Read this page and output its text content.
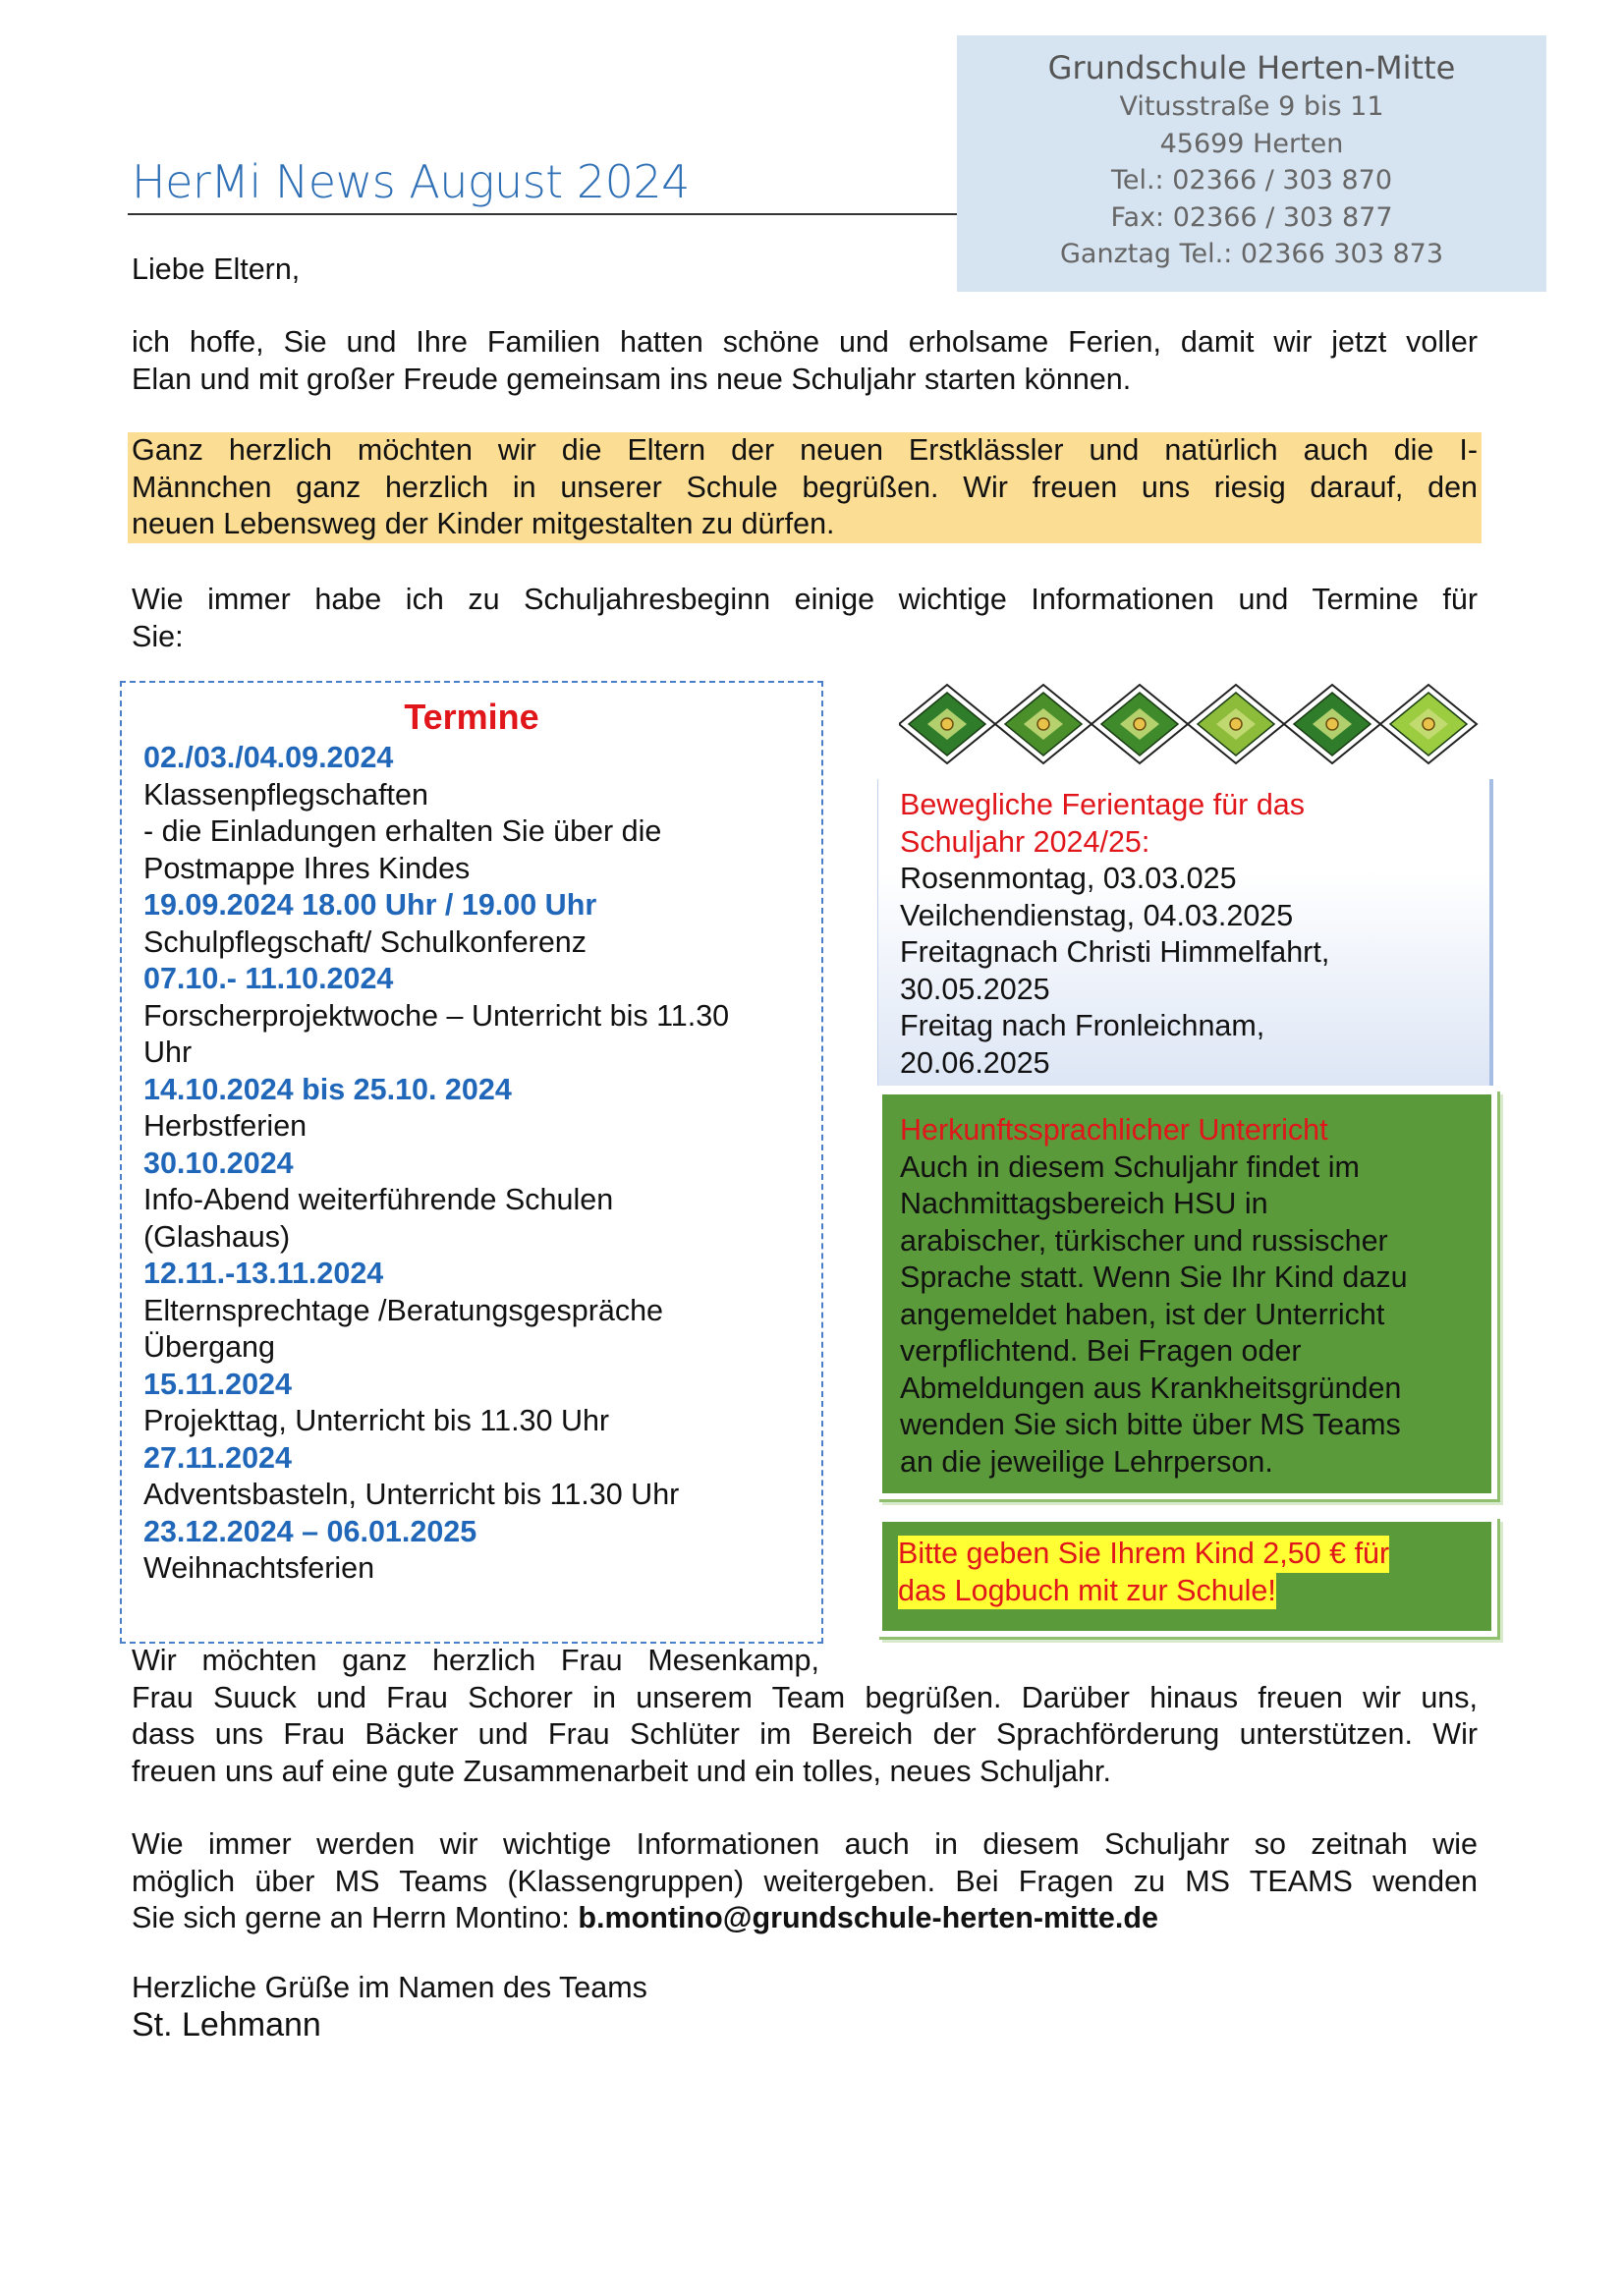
Grundschule Herten-Mitte
Vitusstraße 9 bis 11
45699 Herten
Tel.: 02366 / 303 870
Fax: 02366 / 303 877
Ganztag Tel.: 02366 303 873
HerMi News August 2024
Liebe Eltern,
ich hoffe, Sie und Ihre Familien hatten schöne und erholsame Ferien, damit wir jetzt voller
Elan und mit großer Freude gemeinsam ins neue Schuljahr starten können.
Ganz herzlich möchten wir die Eltern der neuen Erstklässler und natürlich auch die I-
Männchen ganz herzlich in unserer Schule begrüßen. Wir freuen uns riesig darauf, den
neuen Lebensweg der Kinder mitgestalten zu dürfen.
Wie immer habe ich zu Schuljahresbeginn einige wichtige Informationen und Termine für
Sie:
Termine
02./03./04.09.2024
Klassenpflegschaften
- die Einladungen erhalten Sie über die
Postmappe Ihres Kindes
19.09.2024 18.00 Uhr / 19.00 Uhr
Schulpflegschaft/ Schulkonferenz
07.10.- 11.10.2024
Forscherprojektwoche – Unterricht bis 11.30
Uhr
14.10.2024 bis 25.10. 2024
Herbstferien
30.10.2024
Info-Abend weiterführende Schulen
(Glashaus)
12.11.-13.11.2024
Elternsprechtage /Beratungsgespräche
Übergang
15.11.2024
Projekttag, Unterricht bis 11.30 Uhr
27.11.2024
Adventsbasteln, Unterricht bis 11.30 Uhr
23.12.2024 – 06.01.2025
Weihnachtsferien
Bewegliche Ferientage für das
Schuljahr 2024/25:
Rosenmontag, 03.03.025
Veilchendienstag, 04.03.2025
Freitagnach Christi Himmelfahrt,
30.05.2025
Freitag nach Fronleichnam,
20.06.2025
Herkunftssprachlicher Unterricht
Auch in diesem Schuljahr findet im
Nachmittagsbereich HSU in
arabischer, türkischer und russischer
Sprache statt. Wenn Sie Ihr Kind dazu
angemeldet haben, ist der Unterricht
verpflichtend. Bei Fragen oder
Abmeldungen aus Krankheitsgründen
wenden Sie sich bitte über MS Teams
an die jeweilige Lehrperson.
Bitte geben Sie Ihrem Kind 2,50 € für
das Logbuch mit zur Schule!
Wir möchten ganz herzlich Frau Mesenkamp,
Frau Suuck und Frau Schorer in unserem Team begrüßen. Darüber hinaus freuen wir uns,
dass uns Frau Bäcker und Frau Schlüter im Bereich der Sprachförderung unterstützen. Wir
freuen uns auf eine gute Zusammenarbeit und ein tolles, neues Schuljahr.
Wie immer werden wir wichtige Informationen auch in diesem Schuljahr so zeitnah wie
möglich über MS Teams (Klassengruppen) weitergeben. Bei Fragen zu MS TEAMS wenden
Sie sich gerne an Herrn Montino: b.montino@grundschule-herten-mitte.de
Herzliche Grüße im Namen des Teams
St. Lehmann
